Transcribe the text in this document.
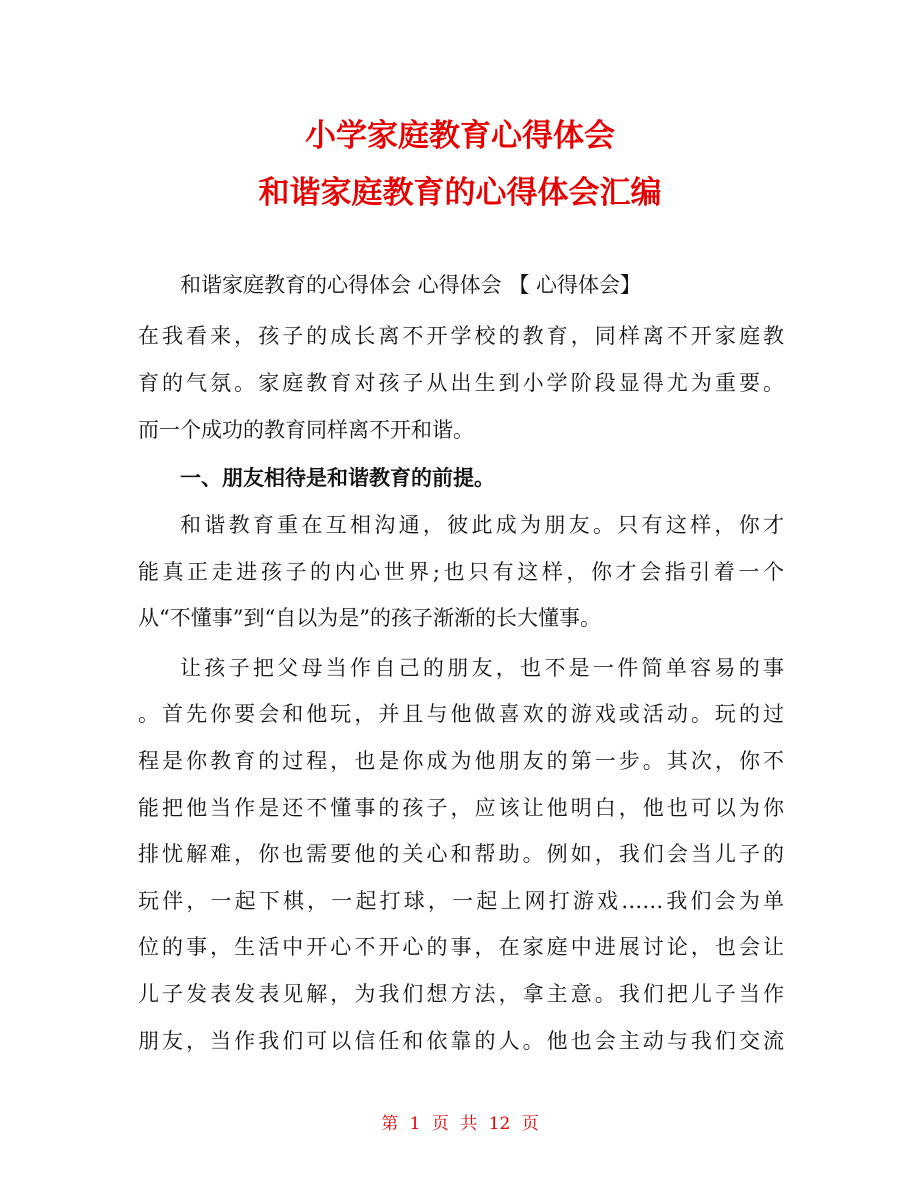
小学家庭教育心得体会
和谐家庭教育的心得体会汇编
和谐家庭教育的心得体会 心得体会 【 心得体会】
在我看来，孩子的成长离不开学校的教育，同样离不开家庭教
育的气氛。家庭教育对孩子从出生到小学阶段显得尤为重要。
而一个成功的教育同样离不开和谐。
一、朋友相待是和谐教育的前提。
和谐教育重在互相沟通，彼此成为朋友。只有这样，你才
能真正走进孩子的内心世界;也只有这样，你才会指引着一个
从“不懂事”到“自以为是”的孩子渐渐的长大懂事。
让孩子把父母当作自己的朋友，也不是一件简单容易的事
。首先你要会和他玩，并且与他做喜欢的游戏或活动。玩的过
程是你教育的过程，也是你成为他朋友的第一步。其次，你不
能把他当作是还不懂事的孩子，应该让他明白，他也可以为你
排忧解难，你也需要他的关心和帮助。例如，我们会当儿子的
玩伴，一起下棋，一起打球，一起上网打游戏……我们会为单
位的事，生活中开心不开心的事，在家庭中进展讨论，也会让
儿子发表发表见解，为我们想方法，拿主意。我们把儿子当作
朋友，当作我们可以信任和依靠的人。他也会主动与我们交流
第 1 页 共 12 页
